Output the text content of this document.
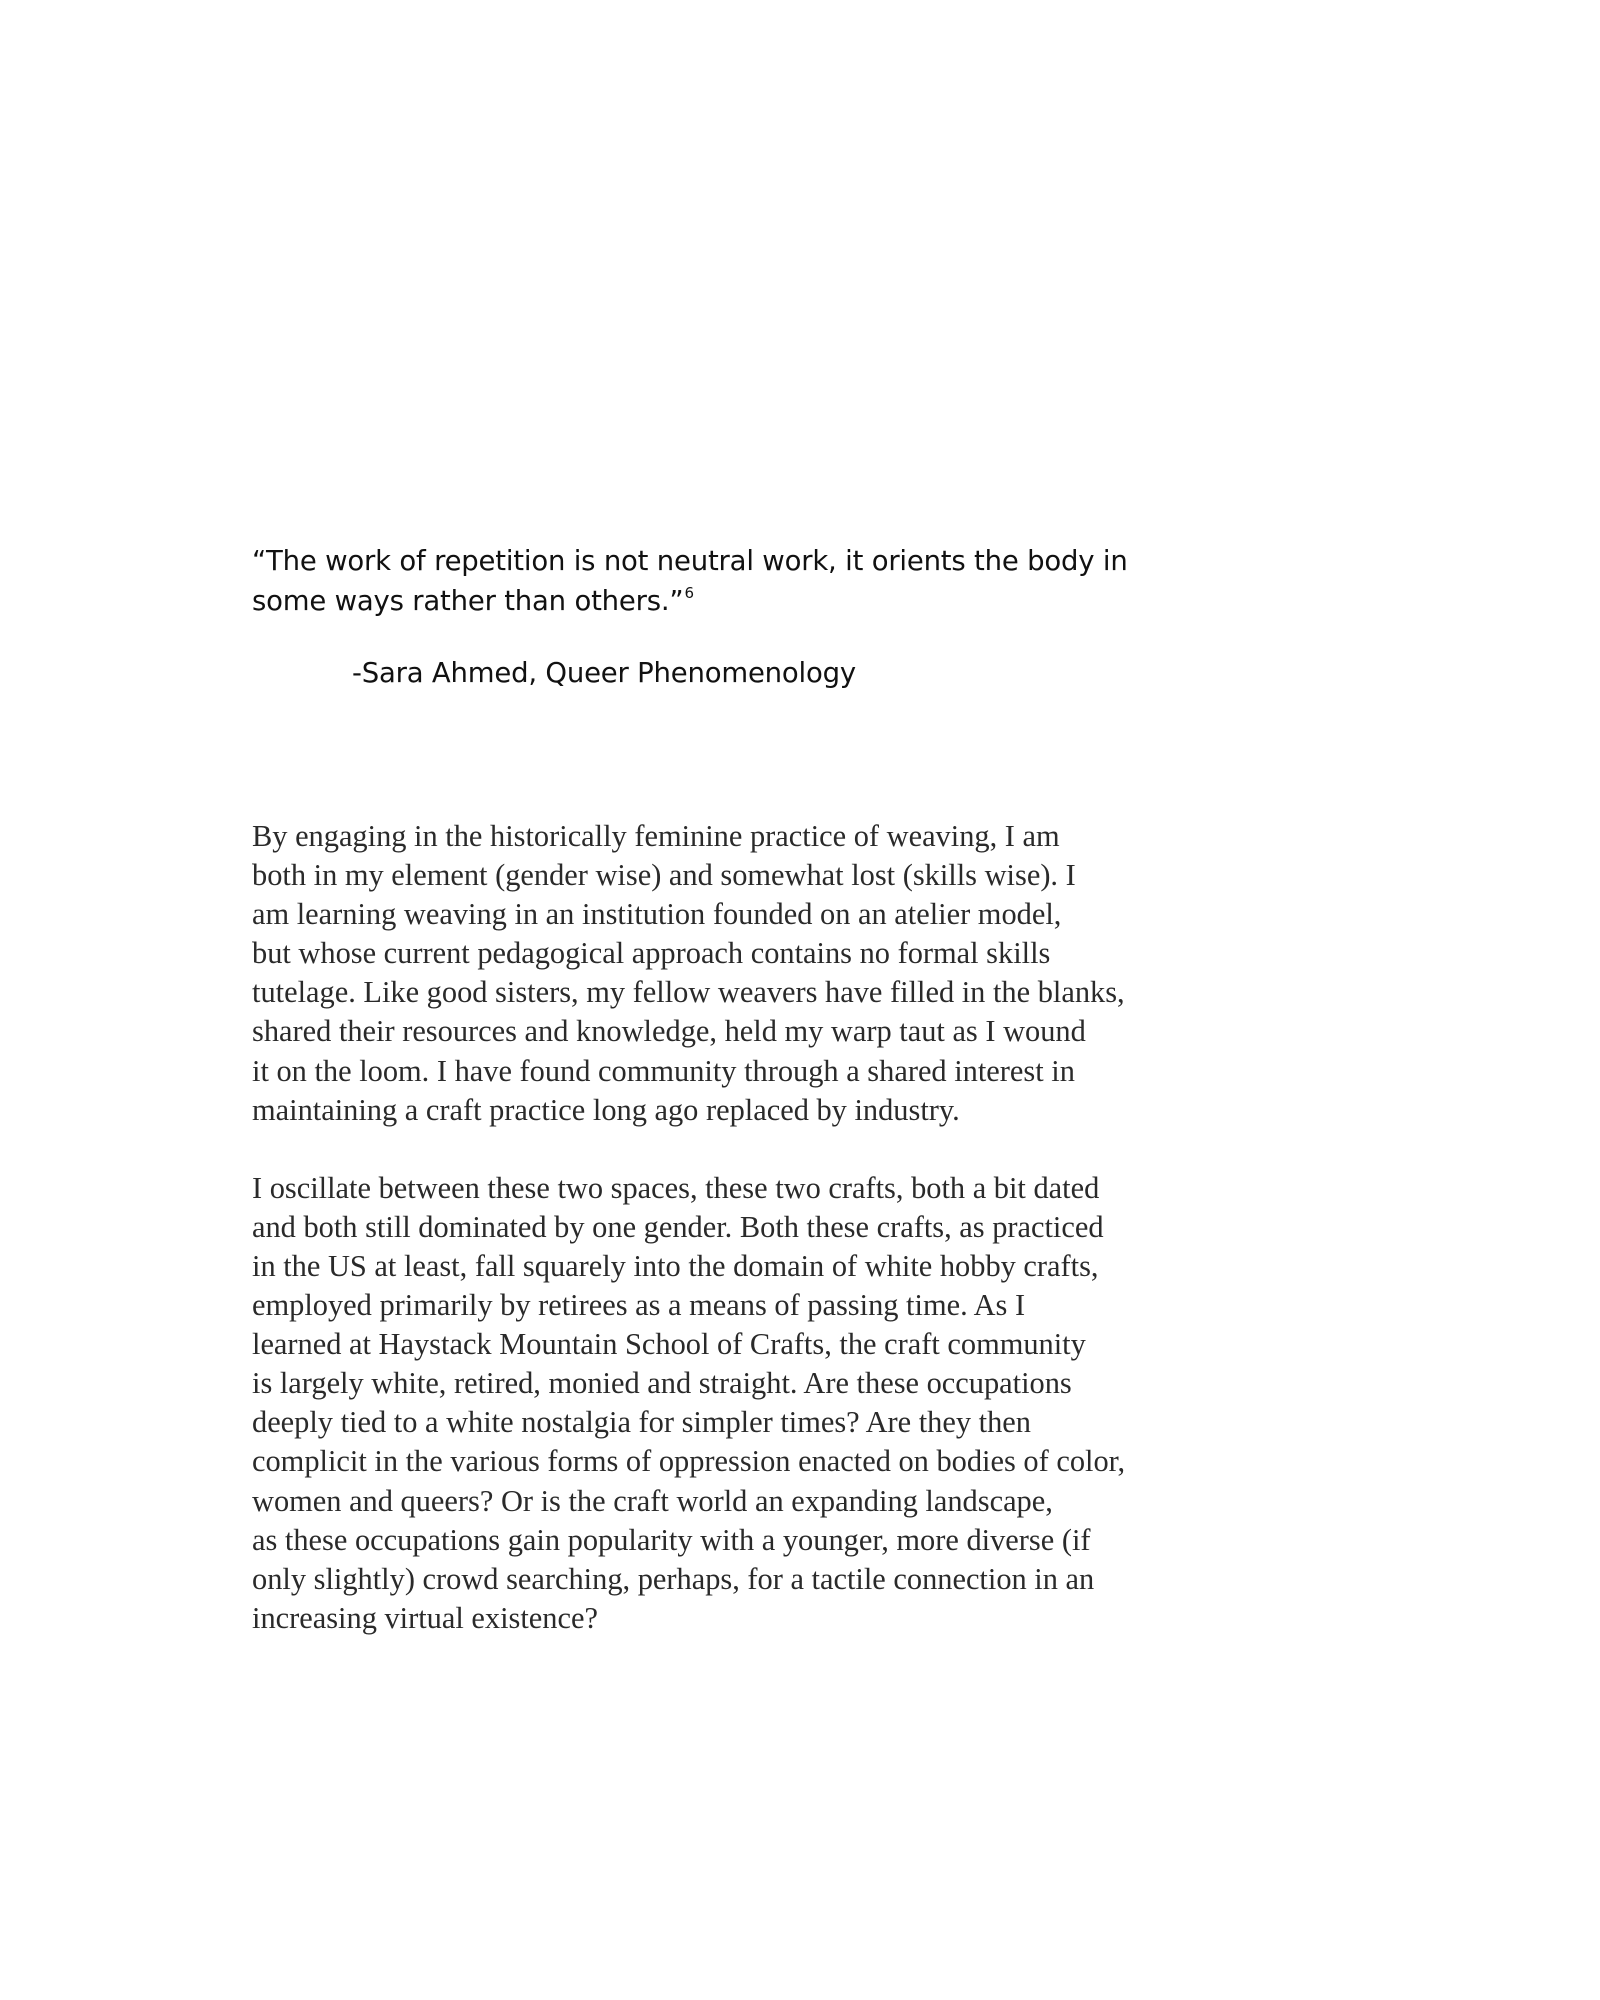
“The work of repetition is not neutral work, it orients the body in
some ways rather than others.”$^6$

-Sara Ahmed, Queer Phenomenology

By engaging in the historically feminine practice of weaving, I am
both in my element (gender wise) and somewhat lost (skills wise). I
am learning weaving in an institution founded on an atelier model,
but whose current pedagogical approach contains no formal skills
tutelage. Like good sisters, my fellow weavers have filled in the blanks,
shared their resources and knowledge, held my warp taut as I wound
it on the loom. I have found community through a shared interest in
maintaining a craft practice long ago replaced by industry.

I oscillate between these two spaces, these two crafts, both a bit dated
and both still dominated by one gender. Both these crafts, as practiced
in the US at least, fall squarely into the domain of white hobby crafts,
employed primarily by retirees as a means of passing time. As I
learned at Haystack Mountain School of Crafts, the craft community
is largely white, retired, monied and straight. Are these occupations
deeply tied to a white nostalgia for simpler times? Are they then
complicit in the various forms of oppression enacted on bodies of color,
women and queers? Or is the craft world an expanding landscape,
as these occupations gain popularity with a younger, more diverse (if
only slightly) crowd searching, perhaps, for a tactile connection in an
increasing virtual existence?
